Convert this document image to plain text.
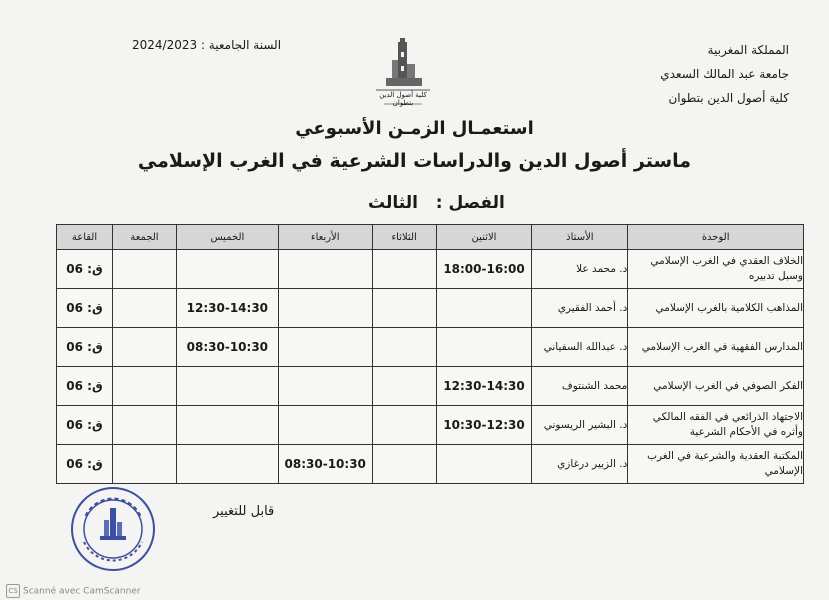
المملكة المغربية
جامعة عبد المالك السعدي
كلية أصول الدين بتطوان
السنة الجامعية : 2024/2023
كلية أصول الدين بتطوان
استعمـال الزمـن الأسبوعي
ماستر أصول الدين والدراسات الشرعية في الغرب الإسلامي
الفصل :  الثالث
الوحدة	الأستاذ	الاثنين	الثلاثاء	الأربعاء	الخميس	الجمعة	القاعة
الخلاف العقدي في الغرب الإسلامي وسبل تدبيره	د. محمد علا	18:00-16:00					ق: 06
المذاهب الكلامية بالغرب الإسلامي	د. أحمد الفقيري				12:30-14:30		ق: 06
المدارس الفقهية في الغرب الإسلامي	د. عبدالله السفياني				08:30-10:30		ق: 06
الفكر الصوفي في الغرب الإسلامي	محمد الشنتوف	12:30-14:30					ق: 06
الاجتهاد الذرائعي في الفقه المالكي وأثره في الأحكام الشرعية	د. البشير الريسوني	10:30-12:30					ق: 06
المكتبة العقدية والشرعية في الغرب الإسلامي	د. الزبير درغازي			08:30-10:30			ق: 06
قابل للتغيير
CS Scanné avec CamScanner
